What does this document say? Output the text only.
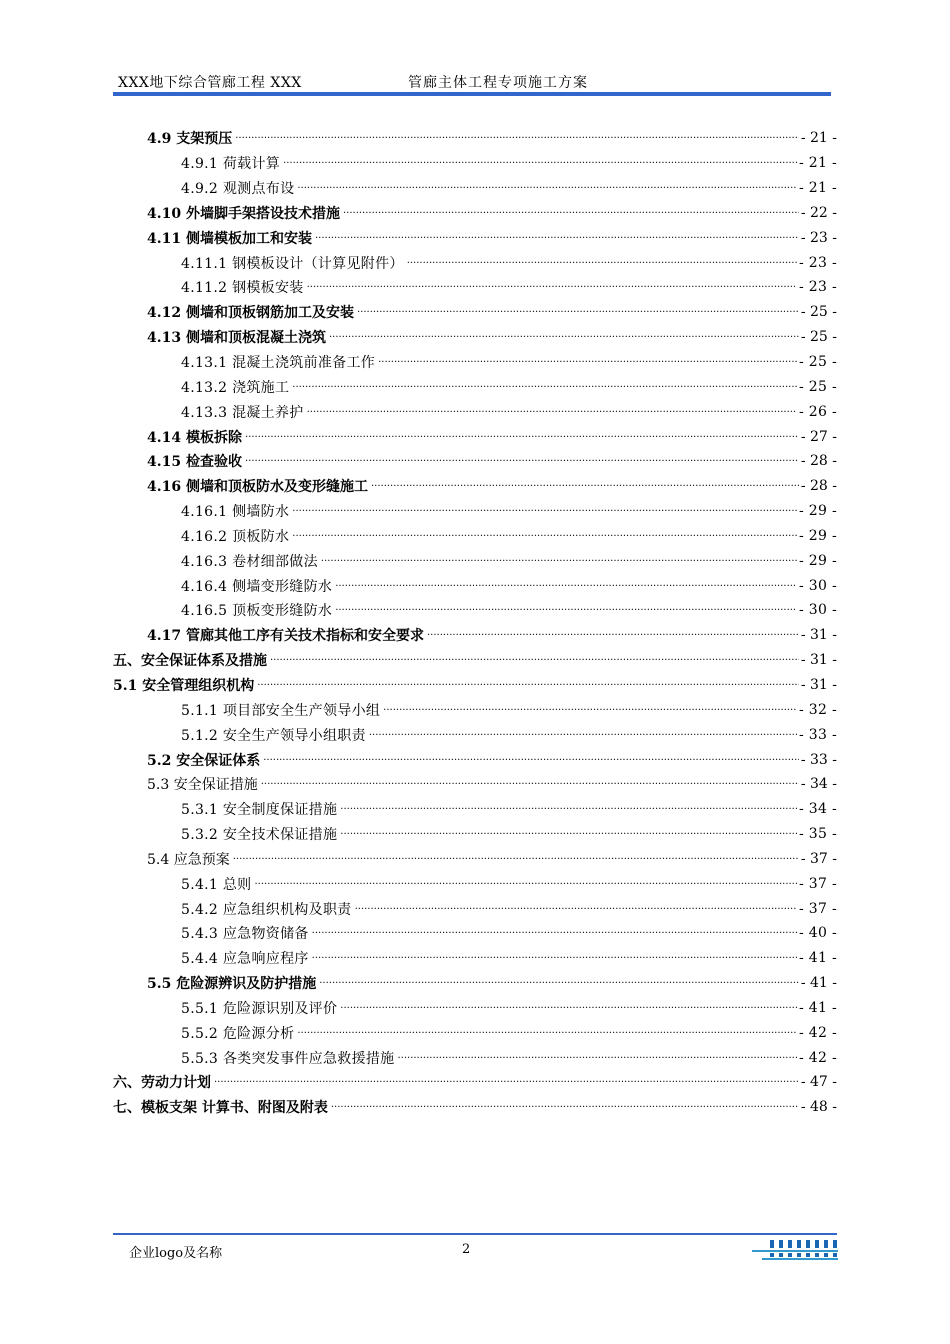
XXX地下综合管廊工程 XXX	管廊主体工程专项施工方案
4.9 支架预压 .....	- 21 -
4.9.1 荷载计算 .....	- 21 -
4.9.2 观测点布设 .....	- 21 -
4.10 外墙脚手架搭设技术措施 .....	- 22 -
4.11 侧墙模板加工和安装 .....	- 23 -
4.11.1 钢模板设计（计算见附件） .....	- 23 -
4.11.2 钢模板安装 .....	- 23 -
4.12 侧墙和顶板钢筋加工及安装 .....	- 25 -
4.13 侧墙和顶板混凝土浇筑 .....	- 25 -
4.13.1 混凝土浇筑前准备工作 .....	- 25 -
4.13.2 浇筑施工 .....	- 25 -
4.13.3 混凝土养护 .....	- 26 -
4.14 模板拆除 .....	- 27 -
4.15 检查验收 .....	- 28 -
4.16 侧墙和顶板防水及变形缝施工 .....	- 28 -
4.16.1 侧墙防水 .....	- 29 -
4.16.2 顶板防水 .....	- 29 -
4.16.3 卷材细部做法 .....	- 29 -
4.16.4 侧墙变形缝防水 .....	- 30 -
4.16.5 顶板变形缝防水 .....	- 30 -
4.17 管廊其他工序有关技术指标和安全要求 .....	- 31 -
五、安全保证体系及措施 .....	- 31 -
5.1 安全管理组织机构 .....	- 31 -
5.1.1 项目部安全生产领导小组 .....	- 32 -
5.1.2 安全生产领导小组职责 .....	- 33 -
5.2 安全保证体系 .....	- 33 -
5.3 安全保证措施 .....	- 34 -
5.3.1 安全制度保证措施 .....	- 34 -
5.3.2 安全技术保证措施 .....	- 35 -
5.4 应急预案 .....	- 37 -
5.4.1 总则 .....	- 37 -
5.4.2 应急组织机构及职责 .....	- 37 -
5.4.3 应急物资储备 .....	- 40 -
5.4.4 应急响应程序 .....	- 41 -
5.5 危险源辨识及防护措施 .....	- 41 -
5.5.1 危险源识别及评价 .....	- 41 -
5.5.2 危险源分析 .....	- 42 -
5.5.3 各类突发事件应急救援措施 .....	- 42 -
六、劳动力计划 .....	- 47 -
七、模板支架 计算书、附图及附表 .....	- 48 -
企业logo及名称	2
